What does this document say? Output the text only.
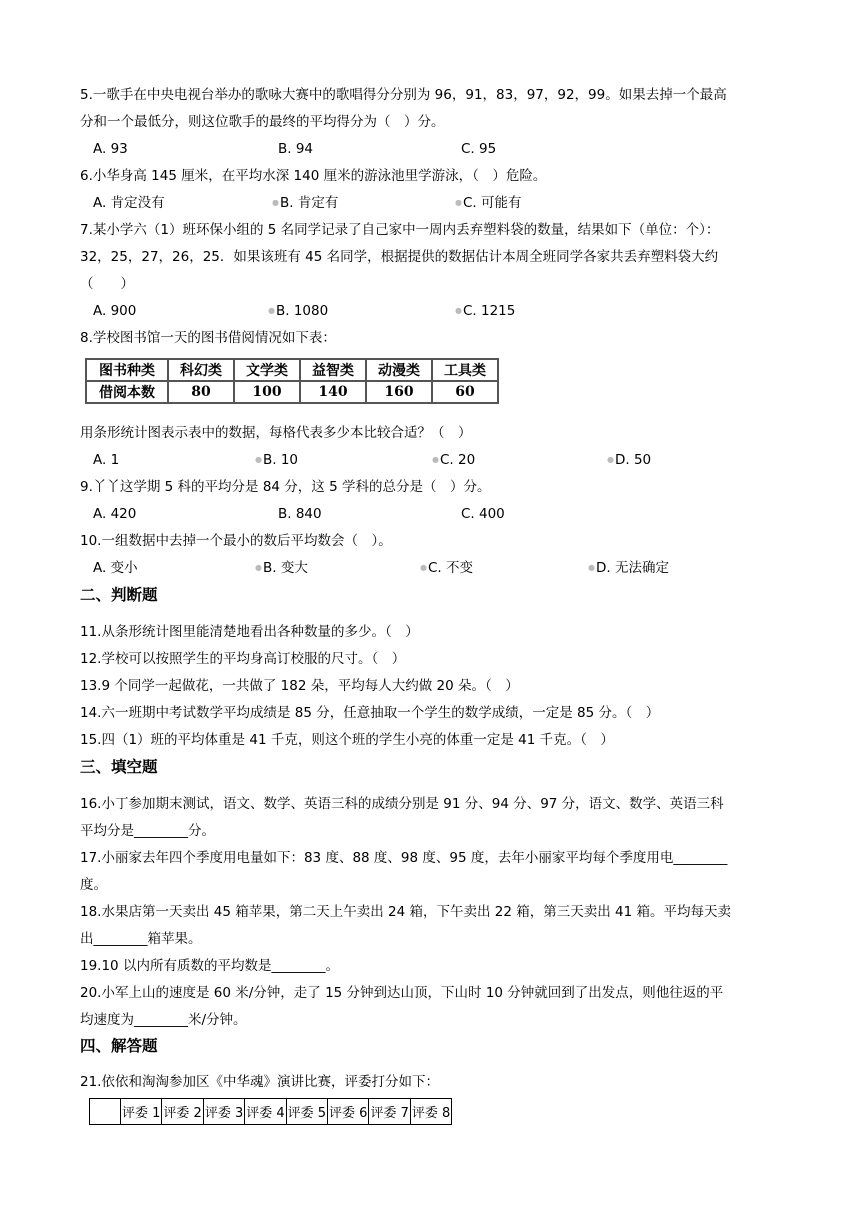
5.一歌手在中央电视台举办的歌咏大赛中的歌唱得分分别为 96，91，83，97，92，99。如果去掉一个最高
分和一个最低分，则这位歌手的最终的平均得分为（　）分。
A. 93	B. 94	C. 95
6.小华身高 145 厘米，在平均水深 140 厘米的游泳池里学游泳，（　）危险。
A. 肯定没有	●B. 肯定有	●C. 可能有
7.某小学六（1）班环保小组的 5 名同学记录了自己家中一周内丢弃塑料袋的数量，结果如下（单位：个）：
32，25，27，26，25．如果该班有 45 名同学，根据提供的数据估计本周全班同学各家共丢弃塑料袋大约
（　　）
A. 900	●B. 1080	●C. 1215
8.学校图书馆一天的图书借阅情况如下表：
图书种类	科幻类	文学类	益智类	动漫类	工具类
借阅本数	80	100	140	160	60
用条形统计图表示表中的数据，每格代表多少本比较合适？（　）
A. 1	●B. 10	●C. 20	●D. 50
9.丫丫这学期 5 科的平均分是 84 分，这 5 学科的总分是（　）分。
A. 420	B. 840	C. 400
10.一组数据中去掉一个最小的数后平均数会（　）。
A. 变小	●B. 变大	●C. 不变	●D. 无法确定
二、判断题
11.从条形统计图里能清楚地看出各种数量的多少。（　）
12.学校可以按照学生的平均身高订校服的尺寸。（　）
13.9 个同学一起做花，一共做了 182 朵，平均每人大约做 20 朵。（　）
14.六一班期中考试数学平均成绩是 85 分，任意抽取一个学生的数学成绩，一定是 85 分。（　）
15.四（1）班的平均体重是 41 千克，则这个班的学生小亮的体重一定是 41 千克。（　）
三、填空题
16.小丁参加期末测试，语文、数学、英语三科的成绩分别是 91 分、94 分、97 分，语文、数学、英语三科
平均分是________分。
17.小丽家去年四个季度用电量如下：83 度、88 度、98 度、95 度，去年小丽家平均每个季度用电________
度。
18.水果店第一天卖出 45 箱苹果，第二天上午卖出 24 箱，下午卖出 22 箱，第三天卖出 41 箱。平均每天卖
出________箱苹果。
19.10 以内所有质数的平均数是________。
20.小军上山的速度是 60 米/分钟，走了 15 分钟到达山顶，下山时 10 分钟就回到了出发点，则他往返的平
均速度为________米/分钟。
四、解答题
21.依依和淘淘参加区《中华魂》演讲比赛，评委打分如下：
	评委 1	评委 2	评委 3	评委 4	评委 5	评委 6	评委 7	评委 8
